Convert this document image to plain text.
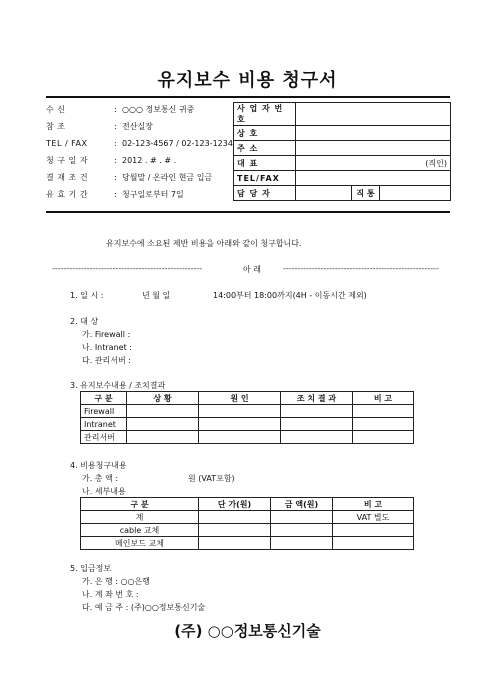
유지보수 비용 청구서
수 신	: ○○○ 정보통신 귀중
참 조	: 전산실장
TEL / FAX	: 02-123-4567 / 02-123-1234
청 구 일 자	: 2012 . # . # .
결 재 조 건	: 당월말 / 온라인 현금 입금
유 효 기 간	: 청구일로부터 7일
사 업 자 번 호			
상 호			
주 소			
대 표	(직인)		
TEL/FAX			
담 당 자		직 통	
유지보수에 소요된 제반 비용을 아래와 같이 청구합니다.
----------------------------------------------------	아 래	------------------------------------------------------
1. 일 시 :	년 월 일	14:00부터 18:00까지(4H - 이동시간 제외)
2. 대 상
가. Firewall :
나. Intranet :
다. 관리서버 :
3. 유지보수내용 / 조치결과
구 분	상 황	원 인	조 치 결 과	비 고
Firewall				
Intranet				
관리서버				
4. 비용청구내용
가. 총 액 :	원 (VAT포함)
나. 세부내용
구 분	단 가(원)	금 액(원)	비 고
계			VAT 별도
cable 교체			
메인보드 교체			
5. 입금정보
가. 은 행 : ○○은행
나. 계 좌 번 호 :
다. 예 금 주 : (주)○○정보통신기술
(주) ○○정보통신기술
